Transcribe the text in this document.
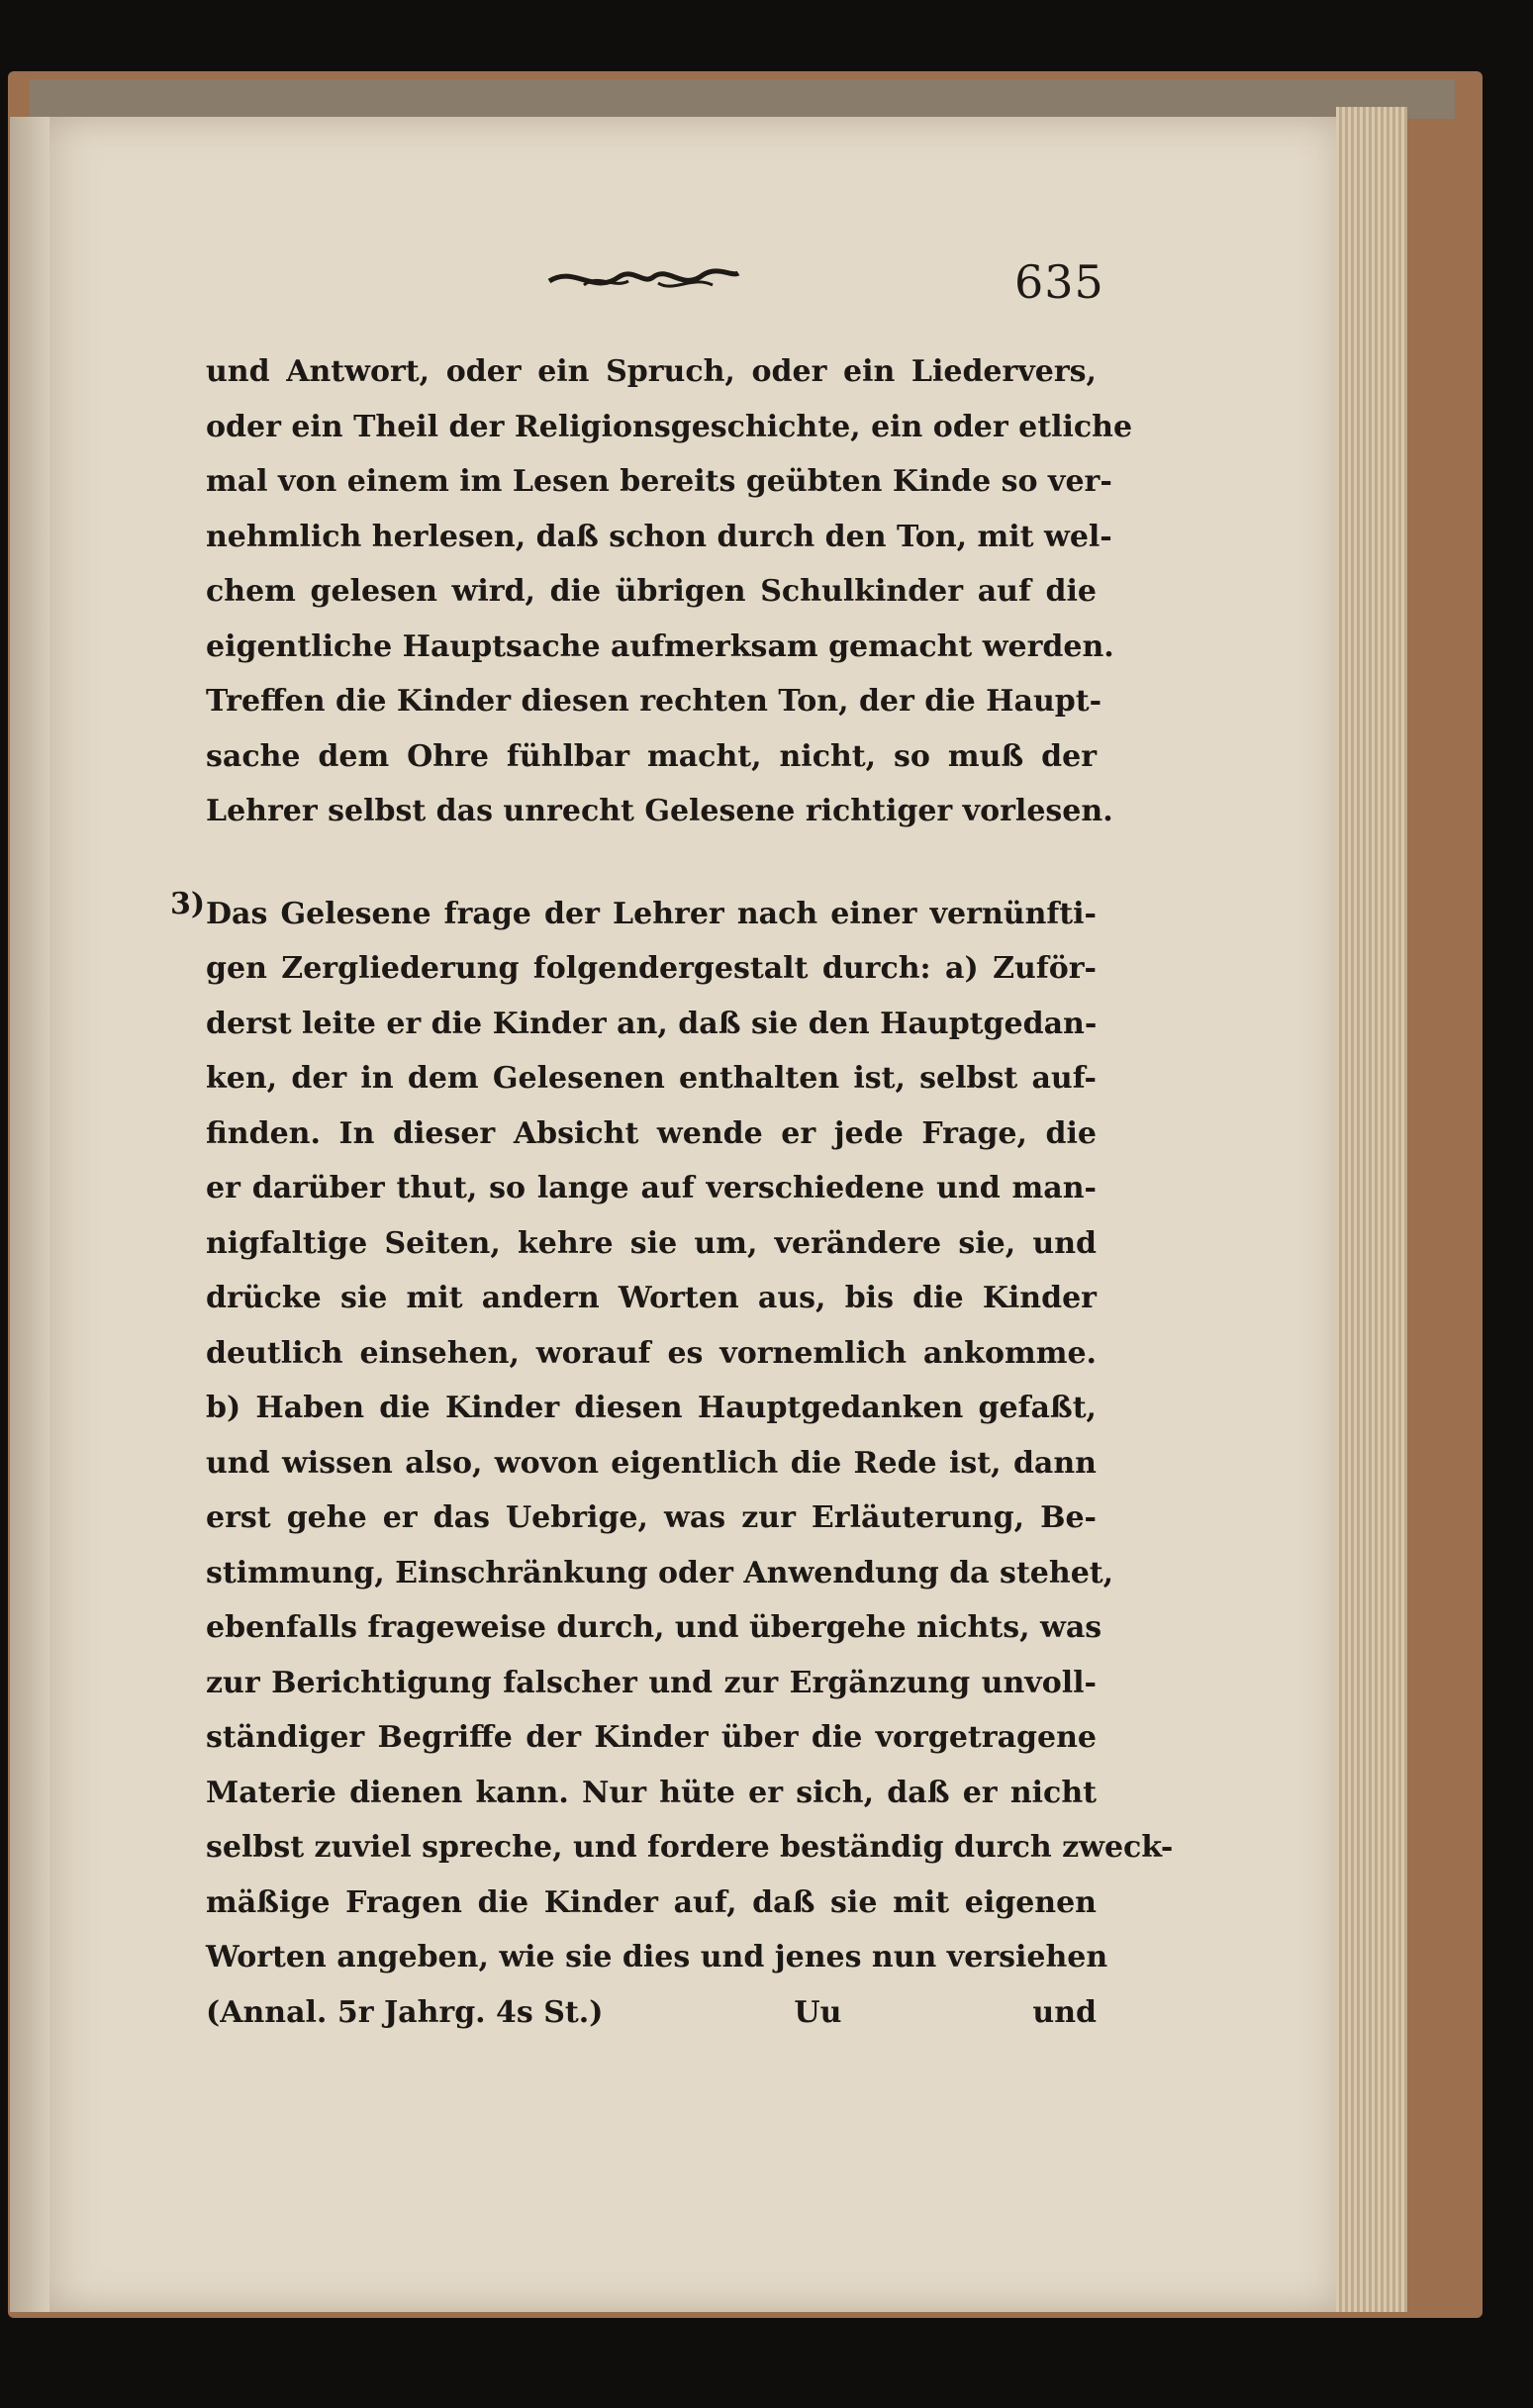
635
und Antwort, oder ein Spruch, oder ein Liedervers,
oder ein Theil der Religionsgeschichte, ein oder etliche
mal von einem im Lesen bereits geübten Kinde so ver-
nehmlich herlesen, daß schon durch den Ton, mit wel-
chem gelesen wird, die übrigen Schulkinder auf die
eigentliche Hauptsache aufmerksam gemacht werden.
Treffen die Kinder diesen rechten Ton, der die Haupt-
sache dem Ohre fühlbar macht, nicht, so muß der
Lehrer selbst das unrecht Gelesene richtiger vorlesen.
3) Das Gelesene frage der Lehrer nach einer vernünfti-
gen Zergliederung folgendergestalt durch: a) Zuför-
derst leite er die Kinder an, daß sie den Hauptgedan-
ken, der in dem Gelesenen enthalten ist, selbst auf-
finden. In dieser Absicht wende er jede Frage, die
er darüber thut, so lange auf verschiedene und man-
nigfaltige Seiten, kehre sie um, verändere sie, und
drücke sie mit andern Worten aus, bis die Kinder
deutlich einsehen, worauf es vornemlich ankomme.
b) Haben die Kinder diesen Hauptgedanken gefaßt,
und wissen also, wovon eigentlich die Rede ist, dann
erst gehe er das Uebrige, was zur Erläuterung, Be-
stimmung, Einschränkung oder Anwendung da stehet,
ebenfalls frageweise durch, und übergehe nichts, was
zur Berichtigung falscher und zur Ergänzung unvoll-
ständiger Begriffe der Kinder über die vorgetragene
Materie dienen kann. Nur hüte er sich, daß er nicht
selbst zuviel spreche, und fordere beständig durch zweck-
mäßige Fragen die Kinder auf, daß sie mit eigenen
Worten angeben, wie sie dies und jenes nun versiehen
(Annal. 5r Jahrg. 4s St.)	Uu	und
